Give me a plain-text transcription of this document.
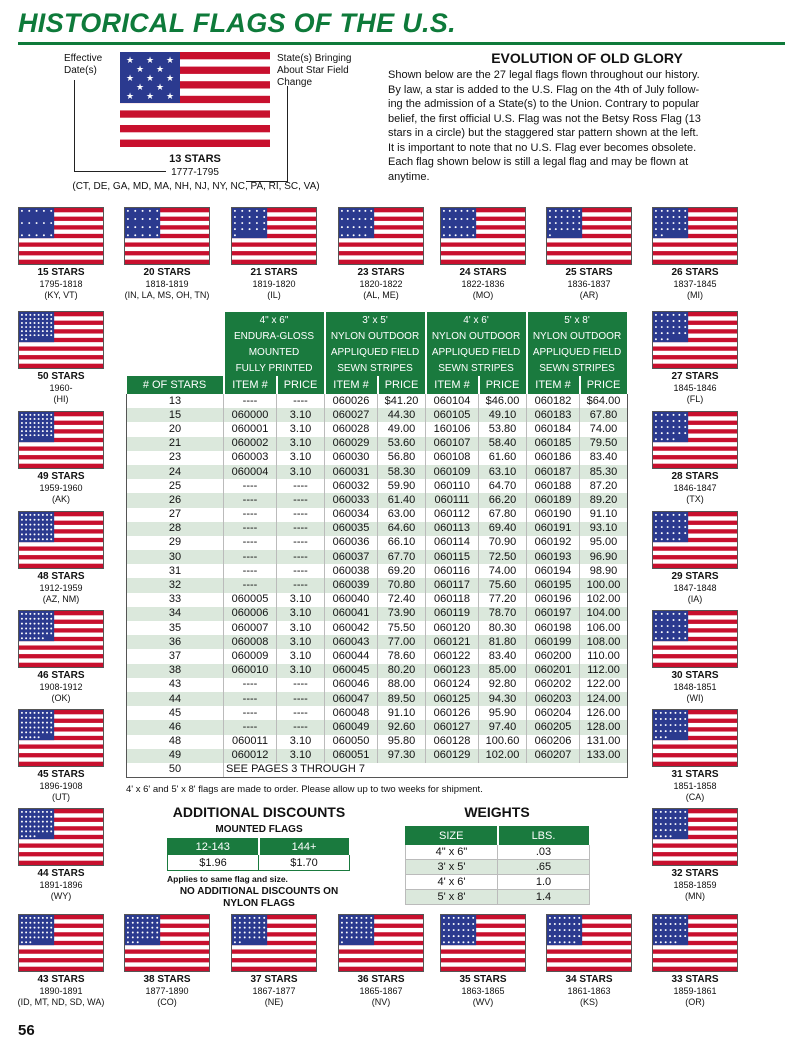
HISTORICAL FLAGS OF THE U.S.
Effective Date(s)
State(s) Bringing About Star Field Change
★ ★ ★
★ ★
★ ★ ★
★ ★
★ ★ ★
13 STARS
1777-1795
(CT, DE, GA, MD, MA, NH, NJ, NY, NC, PA, RI, SC, VA)
EVOLUTION OF OLD GLORY
Shown below are the 27 legal flags flown throughout our history.
By law, a star is added to the U.S. Flag on the 4th of July follow-
ing the admission of a State(s) to the Union. Contrary to popular
belief, the first official U.S. Flag was not the Betsy Ross Flag (13
stars in a circle) but the staggered star pattern shown at the left.
It is important to note that no U.S. Flag ever becomes obsolete.
Each flag shown below is still a legal flag and may be flown at
anytime.
15 STARS
1795-1818
(KY, VT)
20 STARS
1818-1819
(IN, LA, MS, OH, TN)
21 STARS
1819-1820
(IL)
23 STARS
1820-1822
(AL, ME)
24 STARS
1822-1836
(MO)
25 STARS
1836-1837
(AR)
26 STARS
1837-1845
(MI)
50 STARS
1960-
(HI)
27 STARS
1845-1846
(FL)
49 STARS
1959-1960
(AK)
28 STARS
1846-1847
(TX)
48 STARS
1912-1959
(AZ, NM)
29 STARS
1847-1848
(IA)
46 STARS
1908-1912
(OK)
30 STARS
1848-1851
(WI)
45 STARS
1896-1908
(UT)
31 STARS
1851-1858
(CA)
44 STARS
1891-1896
(WY)
32 STARS
1858-1859
(MN)
43 STARS
1890-1891
(ID, MT, ND, SD, WA)
38 STARS
1877-1890
(CO)
37 STARS
1867-1877
(NE)
36 STARS
1865-1867
(NV)
35 STARS
1863-1865
(WV)
34 STARS
1861-1863
(KS)
33 STARS
1859-1861
(OR)
	4" x 6"		3' x 5'		4' x 6'		5' x 8'	
	ENDURA-GLOSS		NYLON OUTDOOR		NYLON OUTDOOR		NYLON OUTDOOR	
	MOUNTED		APPLIQUED FIELD		APPLIQUED FIELD		APPLIQUED FIELD	
	FULLY PRINTED		SEWN STRIPES		SEWN STRIPES		SEWN STRIPES	
# OF STARS	ITEM #	PRICE	ITEM #	PRICE	ITEM #	PRICE	ITEM #	PRICE
13	----	----	060026	$41.20	060104	$46.00	060182	$64.00
15	060000	3.10	060027	44.30	060105	49.10	060183	67.80
20	060001	3.10	060028	49.00	160106	53.80	060184	74.00
21	060002	3.10	060029	53.60	060107	58.40	060185	79.50
23	060003	3.10	060030	56.80	060108	61.60	060186	83.40
24	060004	3.10	060031	58.30	060109	63.10	060187	85.30
25	----	----	060032	59.90	060110	64.70	060188	87.20
26	----	----	060033	61.40	060111	66.20	060189	89.20
27	----	----	060034	63.00	060112	67.80	060190	91.10
28	----	----	060035	64.60	060113	69.40	060191	93.10
29	----	----	060036	66.10	060114	70.90	060192	95.00
30	----	----	060037	67.70	060115	72.50	060193	96.90
31	----	----	060038	69.20	060116	74.00	060194	98.90
32	----	----	060039	70.80	060117	75.60	060195	100.00
33	060005	3.10	060040	72.40	060118	77.20	060196	102.00
34	060006	3.10	060041	73.90	060119	78.70	060197	104.00
35	060007	3.10	060042	75.50	060120	80.30	060198	106.00
36	060008	3.10	060043	77.00	060121	81.80	060199	108.00
37	060009	3.10	060044	78.60	060122	83.40	060200	110.00
38	060010	3.10	060045	80.20	060123	85.00	060201	112.00
43	----	----	060046	88.00	060124	92.80	060202	122.00
44	----	----	060047	89.50	060125	94.30	060203	124.00
45	----	----	060048	91.10	060126	95.90	060204	126.00
46	----	----	060049	92.60	060127	97.40	060205	128.00
48	060011	3.10	060050	95.80	060128	100.60	060206	131.00
49	060012	3.10	060051	97.30	060129	102.00	060207	133.00
50	SEE PAGES 3 THROUGH 7							
4' x 6' and 5' x 8' flags are made to order. Please allow up to two weeks for shipment.
ADDITIONAL DISCOUNTS
MOUNTED FLAGS
12-143	144+
$1.96	$1.70
Applies to same flag and size.
NO ADDITIONAL DISCOUNTS ON
NYLON FLAGS
WEIGHTS
SIZE	LBS.
4" x 6"	.03
3' x 5'	.65
4' x 6'	1.0
5' x 8'	1.4
56
